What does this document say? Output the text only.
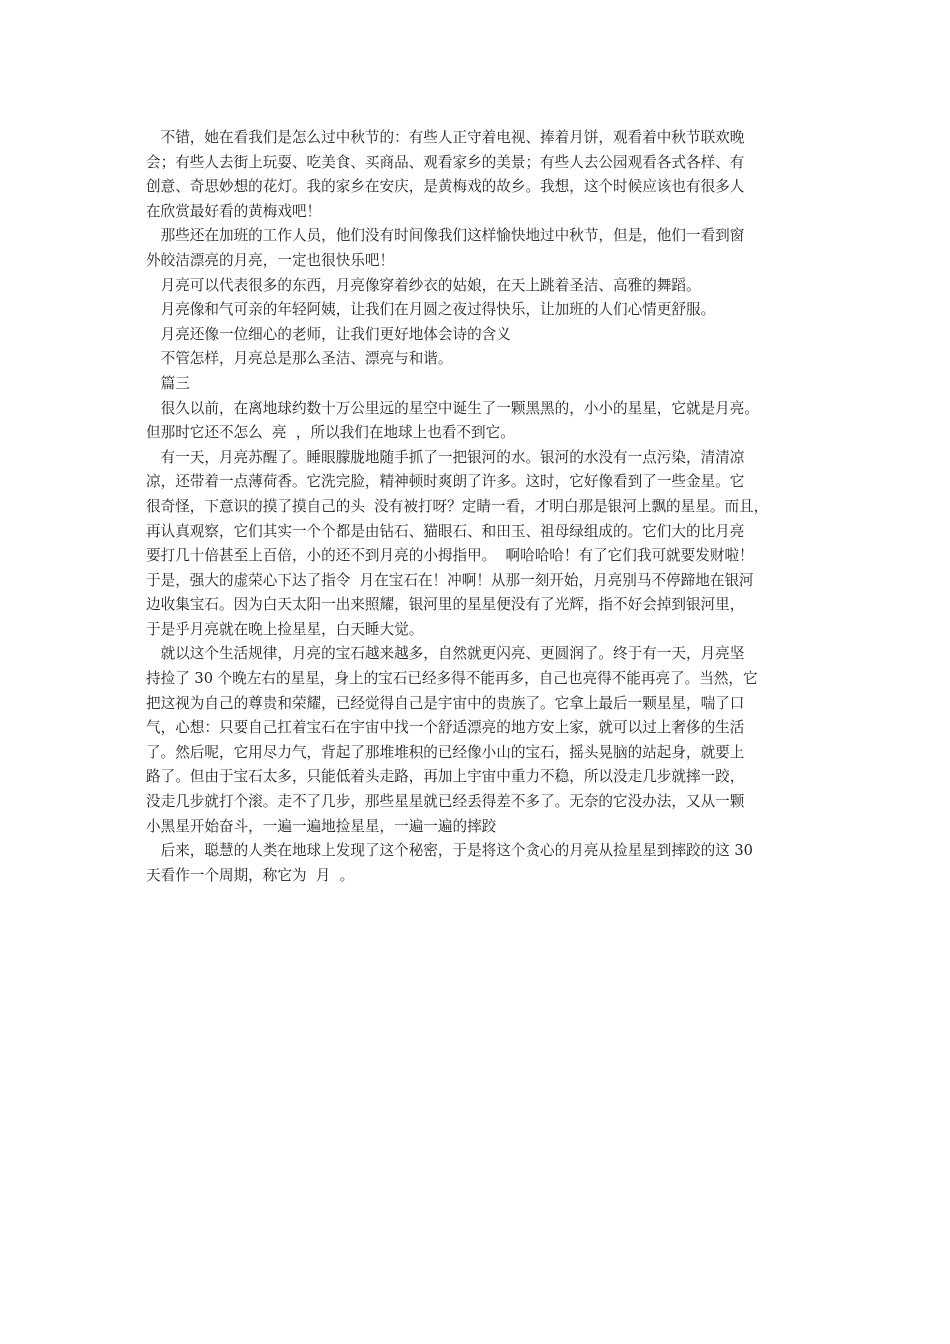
　不错，她在看我们是怎么过中秋节的：有些人正守着电视、捧着月饼，观看着中秋节联欢晚
会；有些人去街上玩耍、吃美食、买商品、观看家乡的美景；有些人去公园观看各式各样、有
创意、奇思妙想的花灯。我的家乡在安庆，是黄梅戏的故乡。我想，这个时候应该也有很多人
在欣赏最好看的黄梅戏吧！
　那些还在加班的工作人员，他们没有时间像我们这样愉快地过中秋节，但是，他们一看到窗
外皎洁漂亮的月亮，一定也很快乐吧！
　月亮可以代表很多的东西，月亮像穿着纱衣的姑娘，在天上跳着圣洁、高雅的舞蹈。
　月亮像和气可亲的年轻阿姨，让我们在月圆之夜过得快乐，让加班的人们心情更舒服。
　月亮还像一位细心的老师，让我们更好地体会诗的含义
　不管怎样，月亮总是那么圣洁、漂亮与和谐。
　篇三
　很久以前，在离地球约数十万公里远的星空中诞生了一颗黑黑的，小小的星星，它就是月亮。
但那时它还不怎么  亮  ，所以我们在地球上也看不到它。
　有一天，月亮苏醒了。睡眼朦胧地随手抓了一把银河的水。银河的水没有一点污染，清清凉
凉，还带着一点薄荷香。它洗完脸，精神顿时爽朗了许多。这时，它好像看到了一些金星。它
很奇怪，下意识的摸了摸自己的头  没有被打呀？定睛一看，才明白那是银河上飘的星星。而且，
再认真观察，它们其实一个个都是由钻石、猫眼石、和田玉、祖母绿组成的。它们大的比月亮
要打几十倍甚至上百倍，小的还不到月亮的小拇指甲。  啊哈哈哈！有了它们我可就要发财啦！
于是，强大的虚荣心下达了指令  月在宝石在！冲啊！从那一刻开始，月亮别马不停蹄地在银河
边收集宝石。因为白天太阳一出来照耀，银河里的星星便没有了光辉，指不好会掉到银河里，
于是乎月亮就在晚上捡星星，白天睡大觉。
　就以这个生活规律，月亮的宝石越来越多，自然就更闪亮、更圆润了。终于有一天，月亮坚
持捡了 30 个晚左右的星星，身上的宝石已经多得不能再多，自己也亮得不能再亮了。当然，它
把这视为自己的尊贵和荣耀，已经觉得自己是宇宙中的贵族了。它拿上最后一颗星星，喘了口
气，心想：只要自己扛着宝石在宇宙中找一个舒适漂亮的地方安上家，就可以过上奢侈的生活
了。然后呢，它用尽力气，背起了那堆堆积的已经像小山的宝石，摇头晃脑的站起身，就要上
路了。但由于宝石太多，只能低着头走路，再加上宇宙中重力不稳，所以没走几步就摔一跤，
没走几步就打个滚。走不了几步，那些星星就已经丢得差不多了。无奈的它没办法，又从一颗
小黑星开始奋斗，一遍一遍地捡星星，一遍一遍的摔跤
　后来，聪慧的人类在地球上发现了这个秘密，于是将这个贪心的月亮从捡星星到摔跤的这 30
天看作一个周期，称它为  月  。
